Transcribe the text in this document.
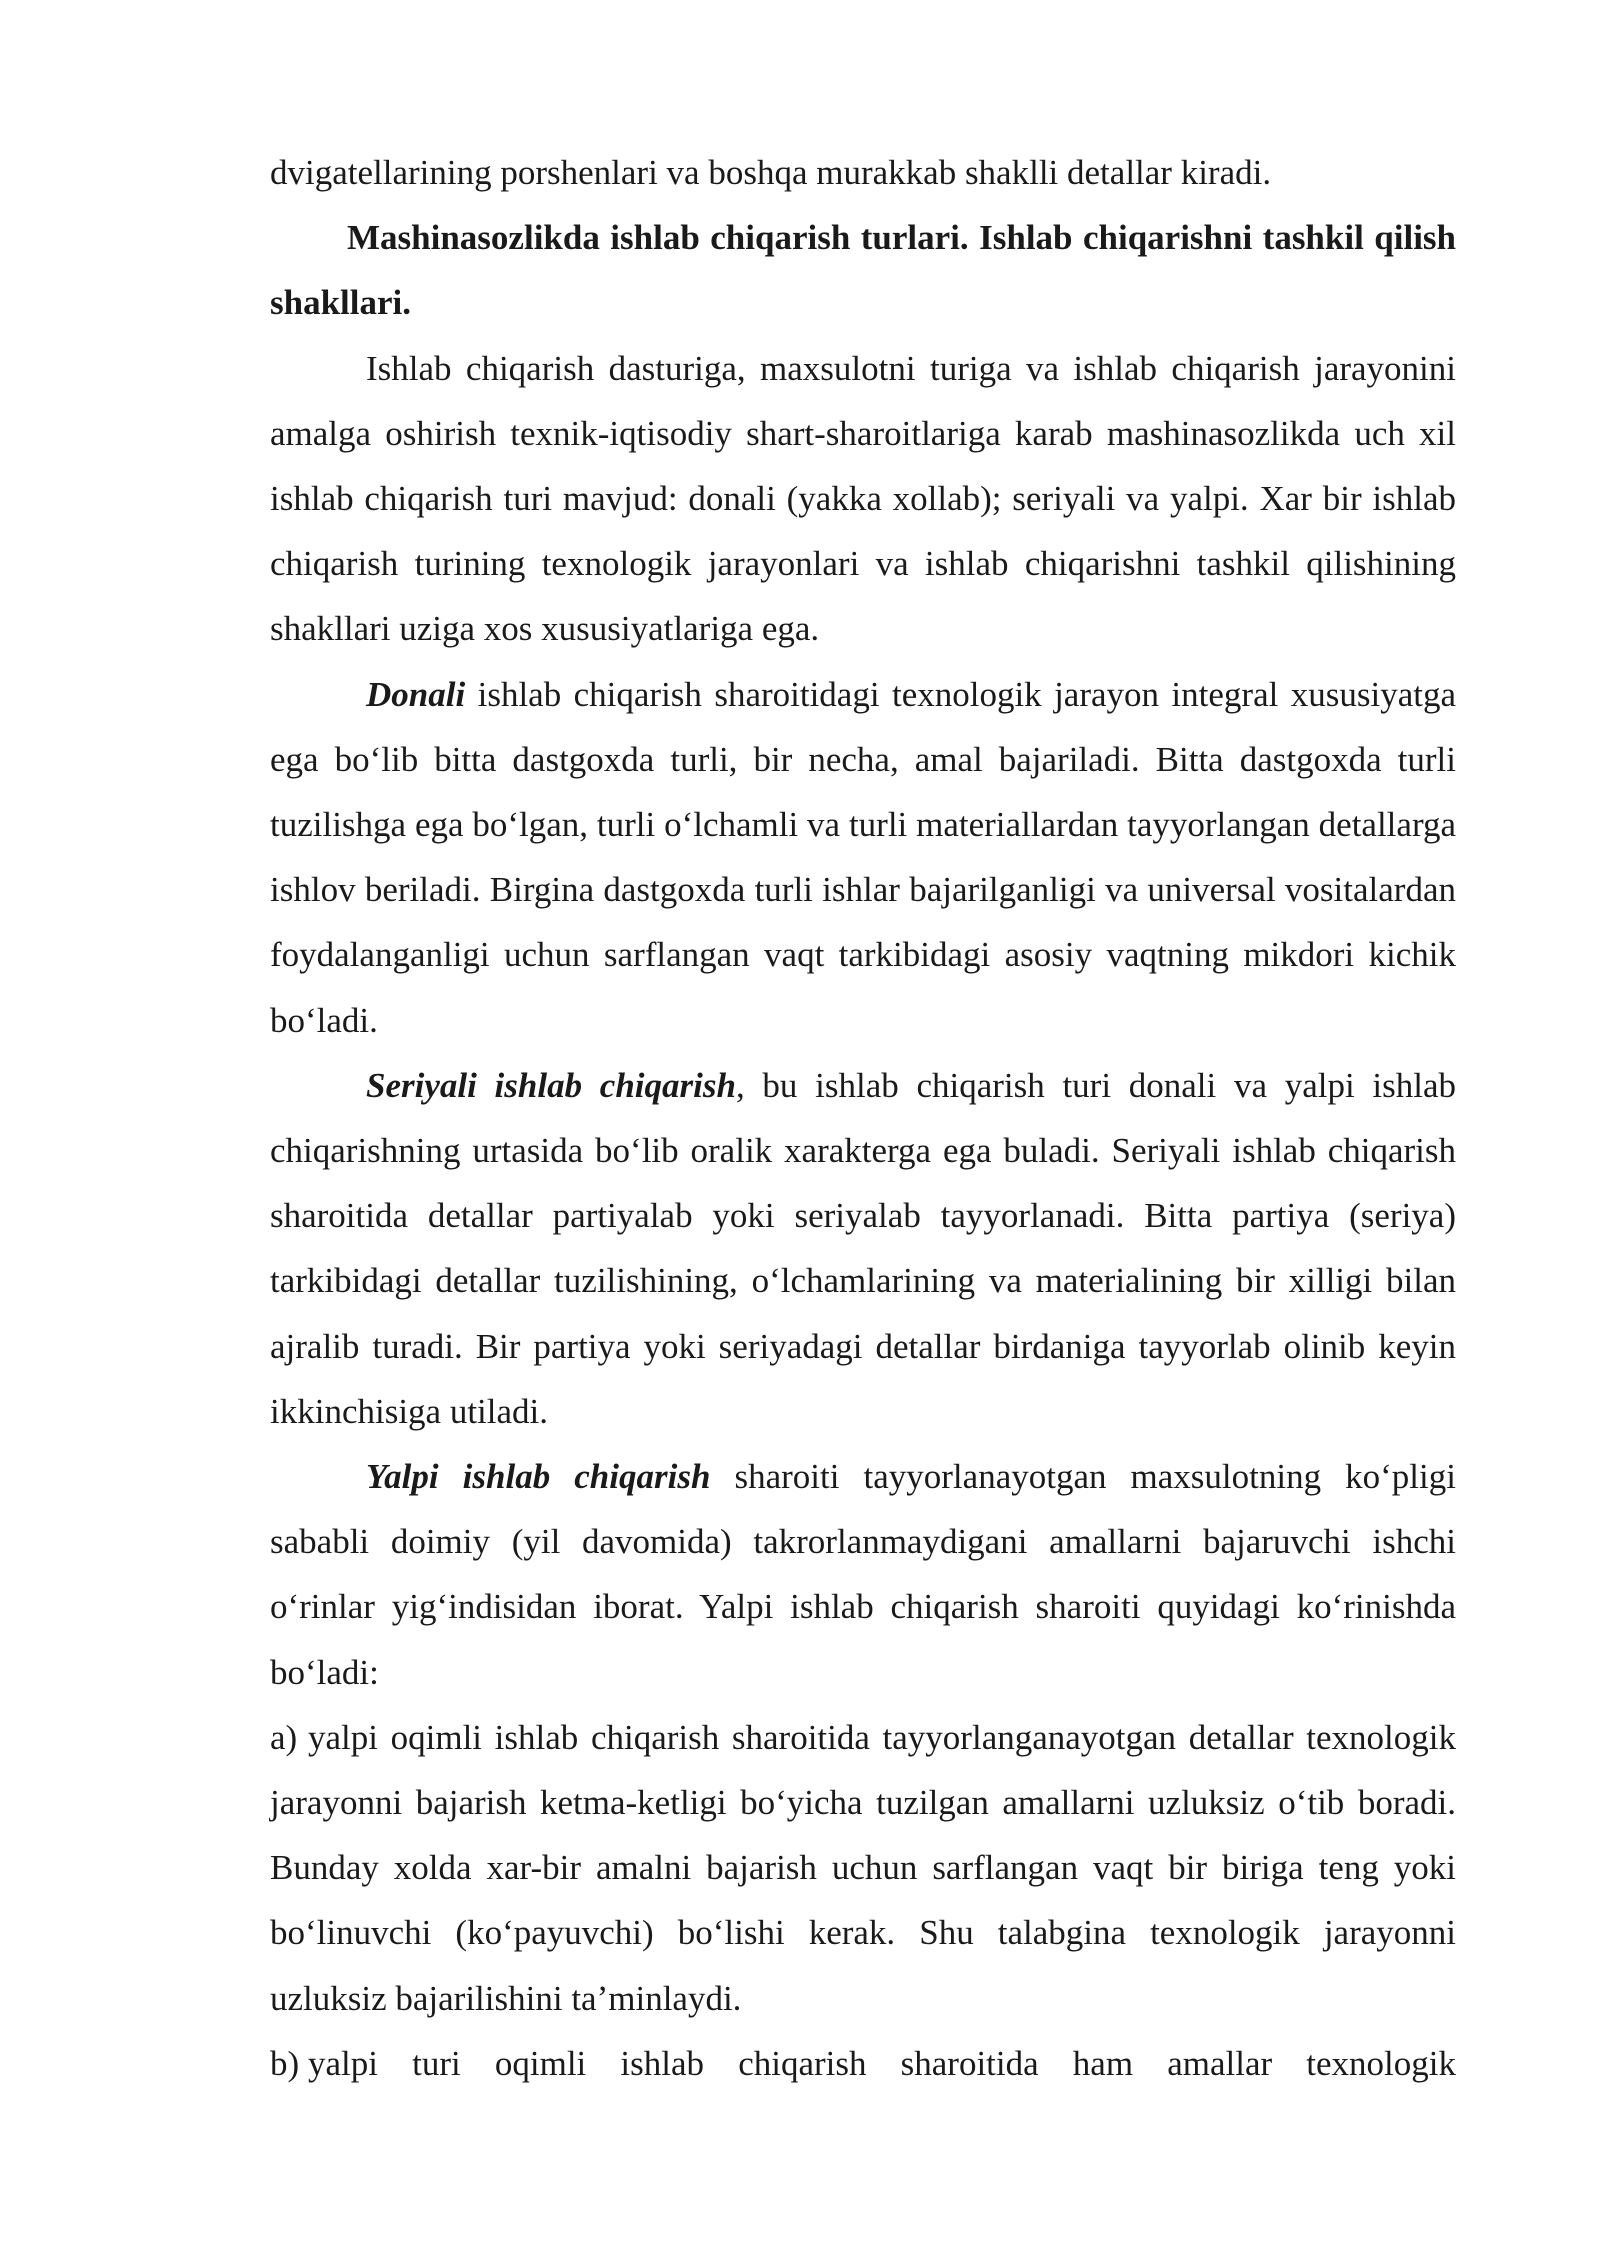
dvigatellarining porshenlari va boshqa murakkab shaklli detallar kiradi.

Mashinasozlikda ishlab chiqarish turlari. Ishlab chiqarishni tashkil qilish shakllari.

Ishlab chiqarish dasturiga, maxsulotni turiga va ishlab chiqarish jarayonini amalga oshirish texnik-iqtisodiy shart-sharoitlariga karab mashinasozlikda uch xil ishlab chiqarish turi mavjud: donali (yakka xollab); seriyali va yalpi. Xar bir ishlab chiqarish turining texnologik jarayonlari va ishlab chiqarishni tashkil qilishining shakllari uziga xos xususiyatlariga ega.

Donali ishlab chiqarish sharoitidagi texnologik jarayon integral xususiyatga ega boʻlib bitta dastgoxda turli, bir necha, amal bajariladi. Bitta dastgoxda turli tuzilishga ega boʻlgan, turli oʻlchamli va turli materiallardan tayyorlangan detallarga ishlov beriladi. Birgina dastgoxda turli ishlar bajarilganligi va universal vositalardan foydalanganligi uchun sarflangan vaqt tarkibidagi asosiy vaqtning mikdori kichik boʻladi.

Seriyali ishlab chiqarish, bu ishlab chiqarish turi donali va yalpi ishlab chiqarishning urtasida boʻlib oralik xarakterga ega buladi. Seriyali ishlab chiqarish sharoitida detallar partiyalab yoki seriyalab tayyorlanadi. Bitta partiya (seriya) tarkibidagi detallar tuzilishining, oʻlchamlarining va materialining bir xilligi bilan ajralib turadi. Bir partiya yoki seriyadagi detallar birdaniga tayyorlab olinib keyin ikkinchisiga utiladi.

Yalpi ishlab chiqarish sharoiti tayyorlanayotgan maxsulotning koʻpligi sababli doimiy (yil davomida) takrorlanmaydigani amallarni bajaruvchi ishchi oʻrinlar yigʻindisidan iborat. Yalpi ishlab chiqarish sharoiti quyidagi koʻrinishda boʻladi:

a) yalpi oqimli ishlab chiqarish sharoitida tayyorlanganayotgan detallar texnologik jarayonni bajarish ketma-ketligi boʻyicha tuzilgan amallarni uzluksiz oʻtib boradi. Bunday xolda xar-bir amalni bajarish uchun sarflangan vaqt bir biriga teng yoki boʻlinuvchi (koʻpayuvchi) boʻlishi kerak. Shu talabgina texnologik jarayonni uzluksiz bajarilishini taʼminlaydi.

b) yalpi turi oqimli ishlab chiqarish sharoitida ham amallar texnologik
